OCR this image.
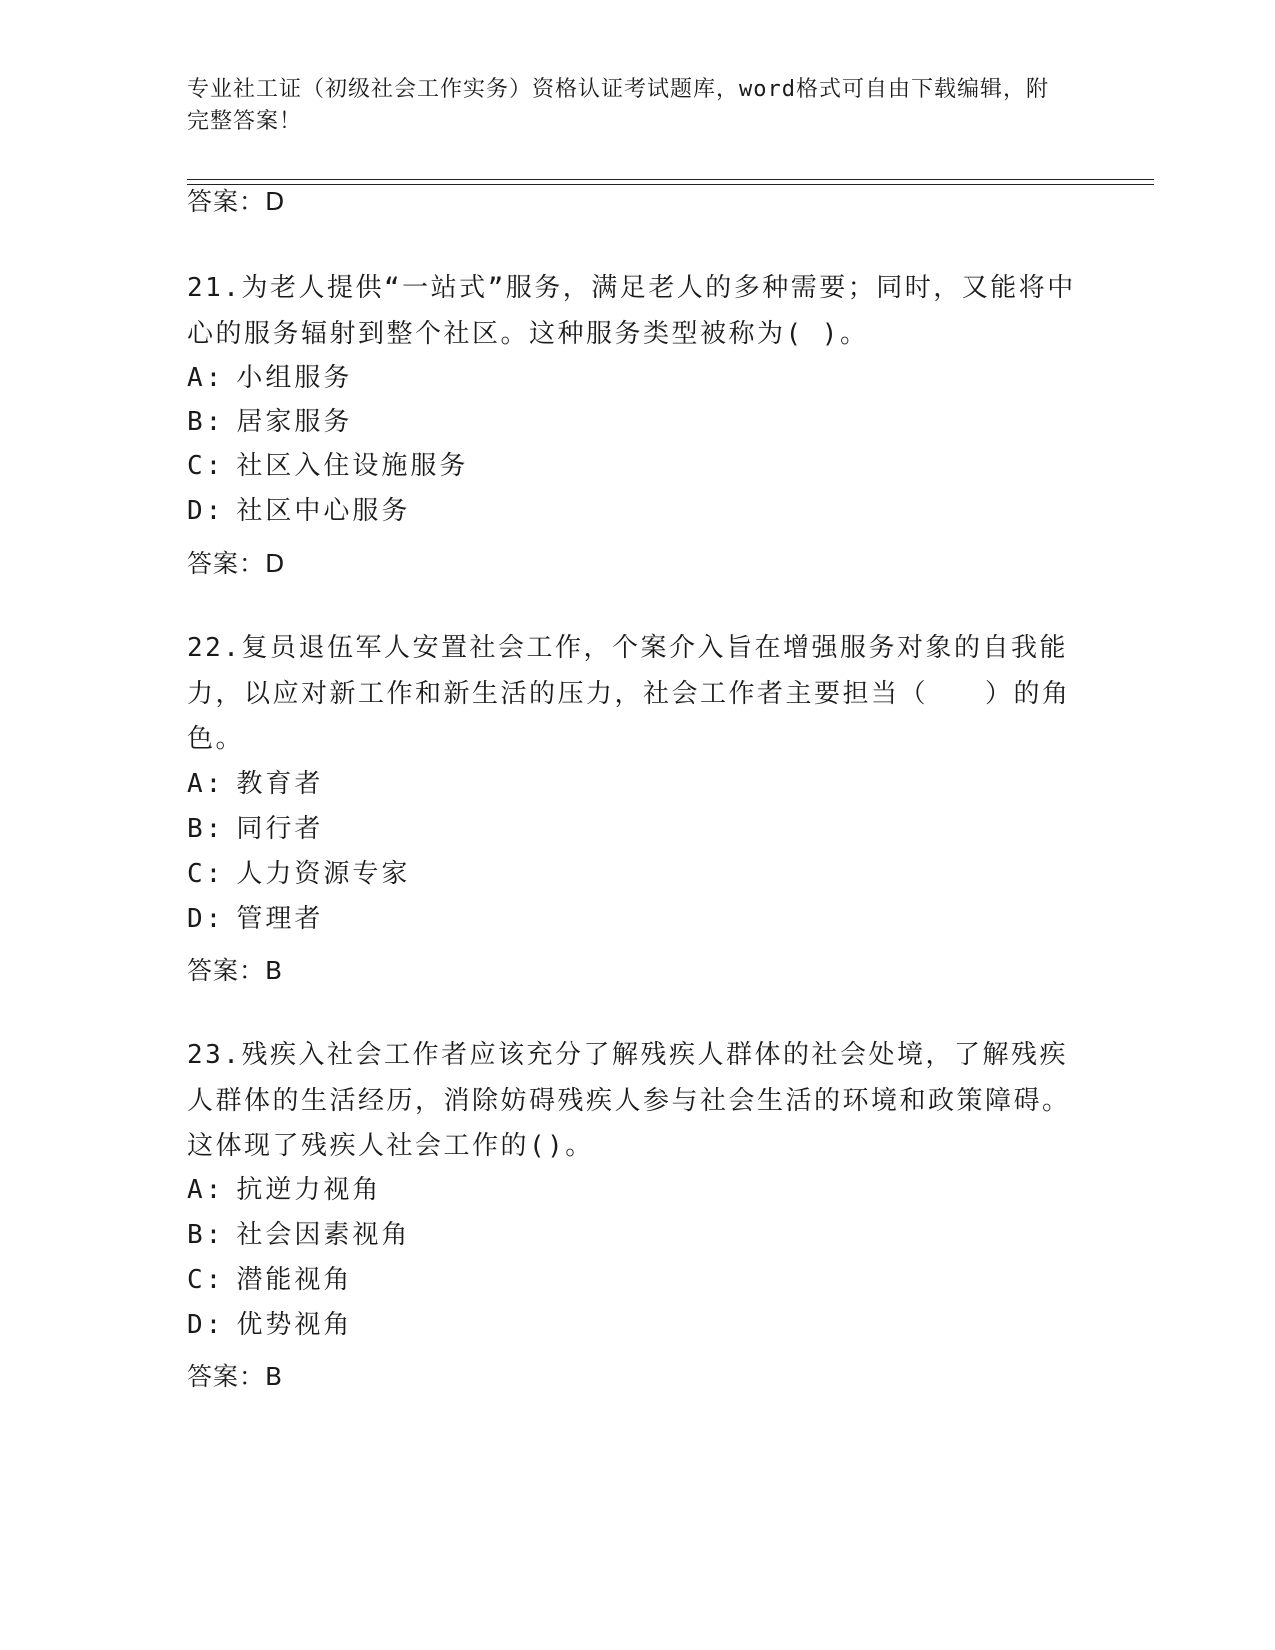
专业社工证（初级社会工作实务）资格认证考试题库，word格式可自由下载编辑，附完整答案！
答案：D
21.为老人提供“一站式”服务，满足老人的多种需要；同时，又能将中心的服务辐射到整个社区。这种服务类型被称为( )。
A: 小组服务
B: 居家服务
C: 社区入住设施服务
D: 社区中心服务
答案：D
22.复员退伍军人安置社会工作，个案介入旨在增强服务对象的自我能力，以应对新工作和新生活的压力，社会工作者主要担当（　　）的角色。
A: 教育者
B: 同行者
C: 人力资源专家
D: 管理者
答案：B
23.残疾入社会工作者应该充分了解残疾人群体的社会处境，了解残疾人群体的生活经历，消除妨碍残疾人参与社会生活的环境和政策障碍。这体现了残疾人社会工作的()。
A: 抗逆力视角
B: 社会因素视角
C: 潜能视角
D: 优势视角
答案：B
